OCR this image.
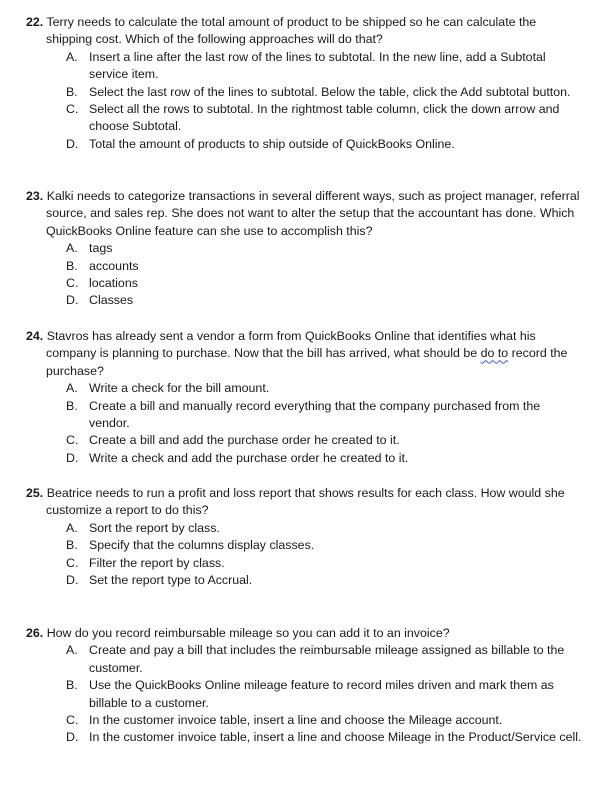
22. Terry needs to calculate the total amount of product to be shipped so he can calculate the shipping cost. Which of the following approaches will do that?
A. Insert a line after the last row of the lines to subtotal. In the new line, add a Subtotal service item.
B. Select the last row of the lines to subtotal. Below the table, click the Add subtotal button.
C. Select all the rows to subtotal. In the rightmost table column, click the down arrow and choose Subtotal.
D. Total the amount of products to ship outside of QuickBooks Online.
23. Kalki needs to categorize transactions in several different ways, such as project manager, referral source, and sales rep. She does not want to alter the setup that the accountant has done. Which QuickBooks Online feature can she use to accomplish this?
A. tags
B. accounts
C. locations
D. Classes
24. Stavros has already sent a vendor a form from QuickBooks Online that identifies what his company is planning to purchase. Now that the bill has arrived, what should be do to record the purchase?
A. Write a check for the bill amount.
B. Create a bill and manually record everything that the company purchased from the vendor.
C. Create a bill and add the purchase order he created to it.
D. Write a check and add the purchase order he created to it.
25. Beatrice needs to run a profit and loss report that shows results for each class. How would she customize a report to do this?
A. Sort the report by class.
B. Specify that the columns display classes.
C. Filter the report by class.
D. Set the report type to Accrual.
26. How do you record reimbursable mileage so you can add it to an invoice?
A. Create and pay a bill that includes the reimbursable mileage assigned as billable to the customer.
B. Use the QuickBooks Online mileage feature to record miles driven and mark them as billable to a customer.
C. In the customer invoice table, insert a line and choose the Mileage account.
D. In the customer invoice table, insert a line and choose Mileage in the Product/Service cell.
